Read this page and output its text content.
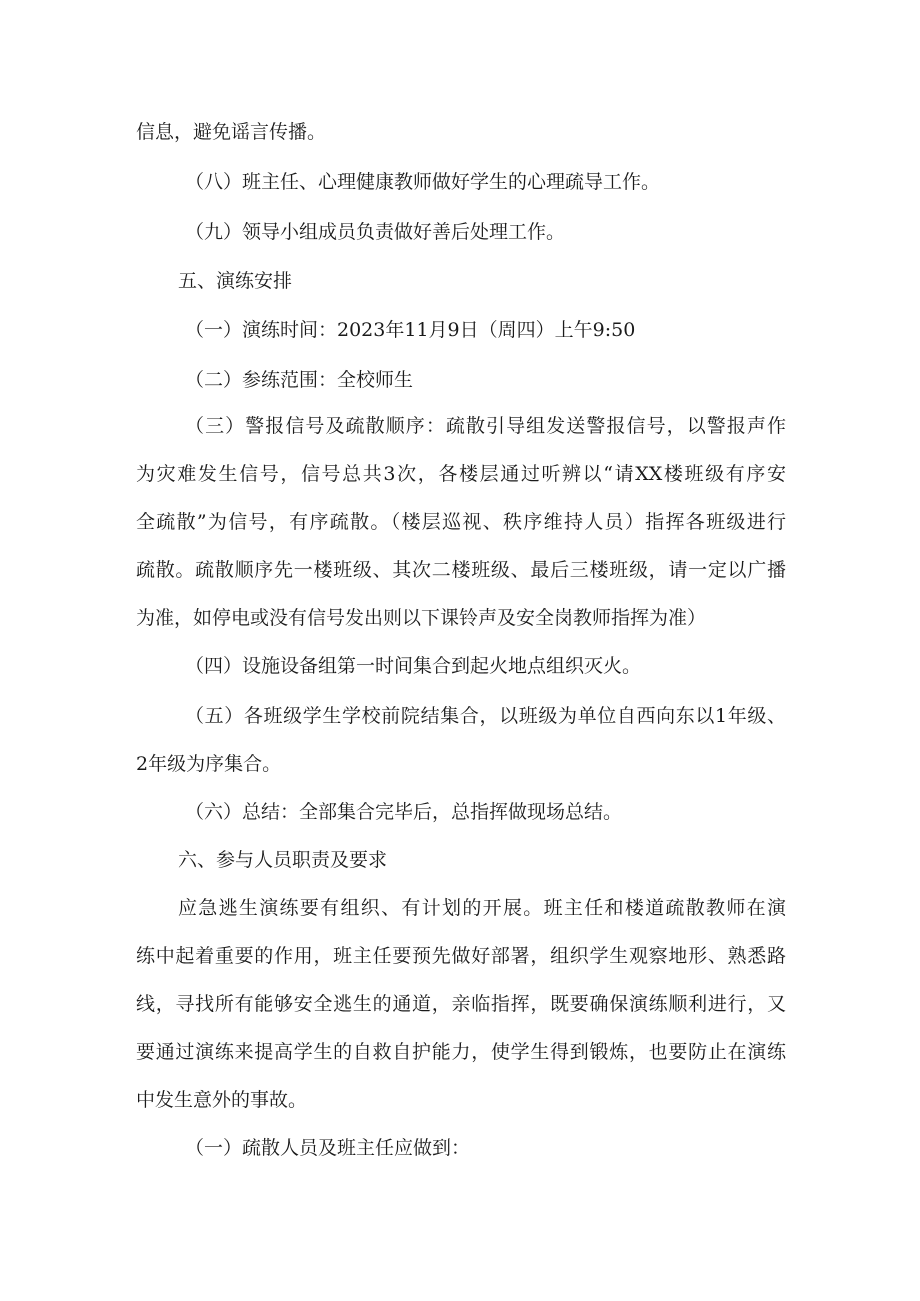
信息，避免谣言传播。
（八）班主任、心理健康教师做好学生的心理疏导工作。
（九）领导小组成员负责做好善后处理工作。
五、演练安排
（一）演练时间：2023年11月9日（周四）上午9:50
（二）参练范围：全校师生
（三）警报信号及疏散顺序：疏散引导组发送警报信号，以警报声作
为灾难发生信号，信号总共3次，各楼层通过听辨以“请XX楼班级有序安
全疏散”为信号，有序疏散。（楼层巡视、秩序维持人员）指挥各班级进行
疏散。疏散顺序先一楼班级、其次二楼班级、最后三楼班级，请一定以广播
为准，如停电或没有信号发出则以下课铃声及安全岗教师指挥为准）
（四）设施设备组第一时间集合到起火地点组织灭火。
（五）各班级学生学校前院结集合，以班级为单位自西向东以1年级、
2年级为序集合。
（六）总结：全部集合完毕后，总指挥做现场总结。
六、参与人员职责及要求
应急逃生演练要有组织、有计划的开展。班主任和楼道疏散教师在演
练中起着重要的作用，班主任要预先做好部署，组织学生观察地形、熟悉路
线，寻找所有能够安全逃生的通道，亲临指挥，既要确保演练顺利进行，又
要通过演练来提高学生的自救自护能力，使学生得到锻炼，也要防止在演练
中发生意外的事故。
（一）疏散人员及班主任应做到：
